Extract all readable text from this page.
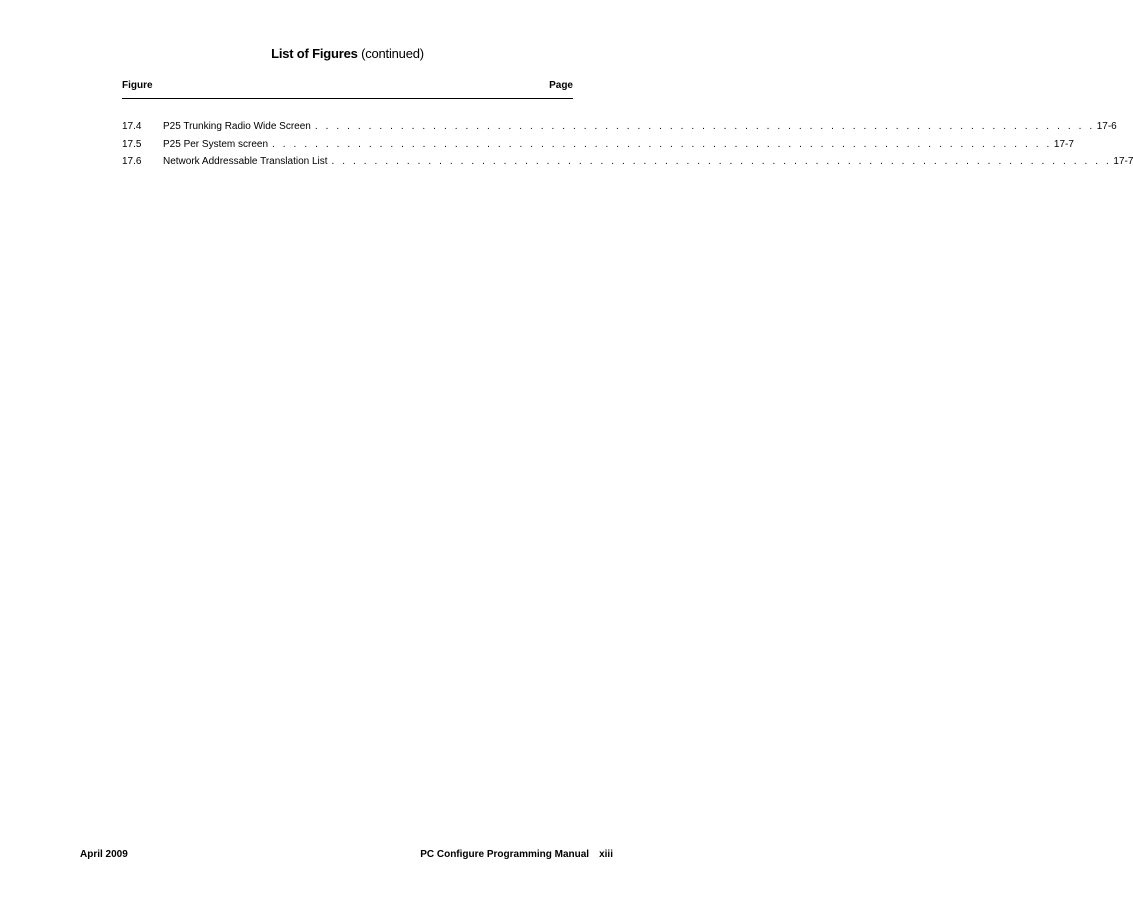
List of Figures (continued)
Figure	Page
17.4	P25 Trunking Radio Wide Screen . . . . . . . . . . . . . . . . . . . . . . . . . . . . . . . . . . . . . . . . . . . . . . . . . . . . . . . . . . . . . . . . . . . . . . . . . 17-6
17.5	P25 Per System screen . . . . . . . . . . . . . . . . . . . . . . . . . . . . . . . . . . . . . . . . . . . . . . . . . . . . . . . . . . . . . . . . . . . . . . . . . 17-7
17.6	Network Addressable Translation List . . . . . . . . . . . . . . . . . . . . . . . . . . . . . . . . . . . . . . . . . . . . . . . . . . . . . . . . . . . . . . . . . . . . . . . . . 17-7
April 2009	PC Configure Programming Manual xiii
